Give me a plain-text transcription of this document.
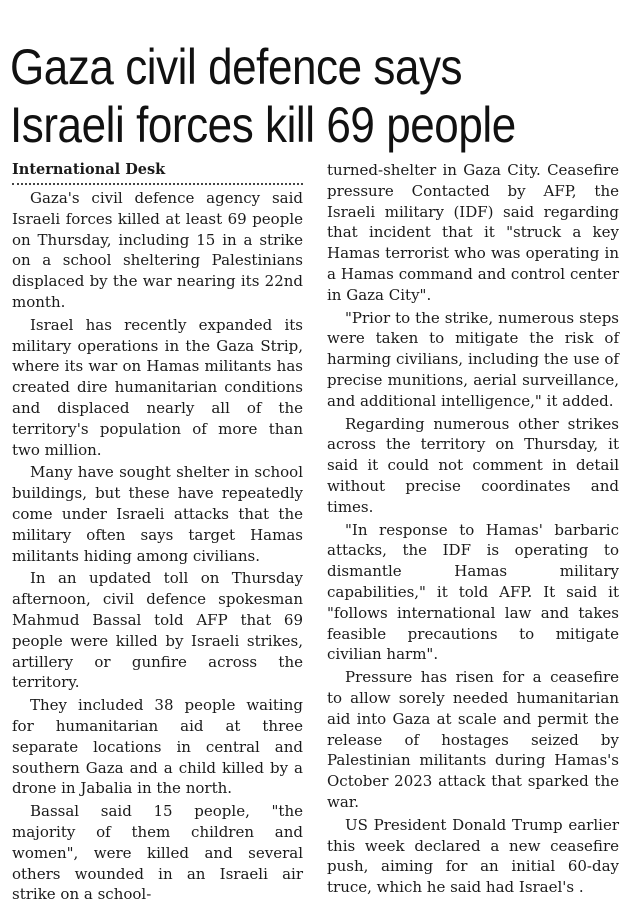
Gaza civil defence says
Israeli forces kill 69 people
International Desk

Gaza's civil defence agency said Israeli forces killed at least 69 people on Thursday, including 15 in a strike on a school sheltering Palestinians displaced by the war nearing its 22nd month.

Israel has recently expanded its military operations in the Gaza Strip, where its war on Hamas militants has created dire humanitarian conditions and displaced nearly all of the territory's population of more than two million.

Many have sought shelter in school buildings, but these have repeatedly come under Israeli attacks that the military often says target Hamas militants hiding among civilians.

In an updated toll on Thursday afternoon, civil defence spokesman Mahmud Bassal told AFP that 69 people were killed by Israeli strikes, artillery or gunfire across the territory.

They included 38 people waiting for humanitarian aid at three separate locations in central and southern Gaza and a child killed by a drone in Jabalia in the north.

Bassal said 15 people, "the majority of them children and women", were killed and several others wounded in an Israeli air strike on a school-

turned-shelter in Gaza City. Ceasefire pressure Contacted by AFP, the Israeli military (IDF) said regarding that incident that it "struck a key Hamas terrorist who was operating in a Hamas command and control center in Gaza City".

"Prior to the strike, numerous steps were taken to mitigate the risk of harming civilians, including the use of precise munitions, aerial surveillance, and additional intelligence," it added.

Regarding numerous other strikes across the territory on Thursday, it said it could not comment in detail without precise coordinates and times.

"In response to Hamas' barbaric attacks, the IDF is operating to dismantle Hamas military capabilities," it told AFP. It said it "follows international law and takes feasible precautions to mitigate civilian harm".

Pressure has risen for a ceasefire to allow sorely needed humanitarian aid into Gaza at scale and permit the release of hostages seized by Palestinian militants during Hamas's October 2023 attack that sparked the war.

US President Donald Trump earlier this week declared a new ceasefire push, aiming for an initial 60-day truce, which he said had Israel's .
